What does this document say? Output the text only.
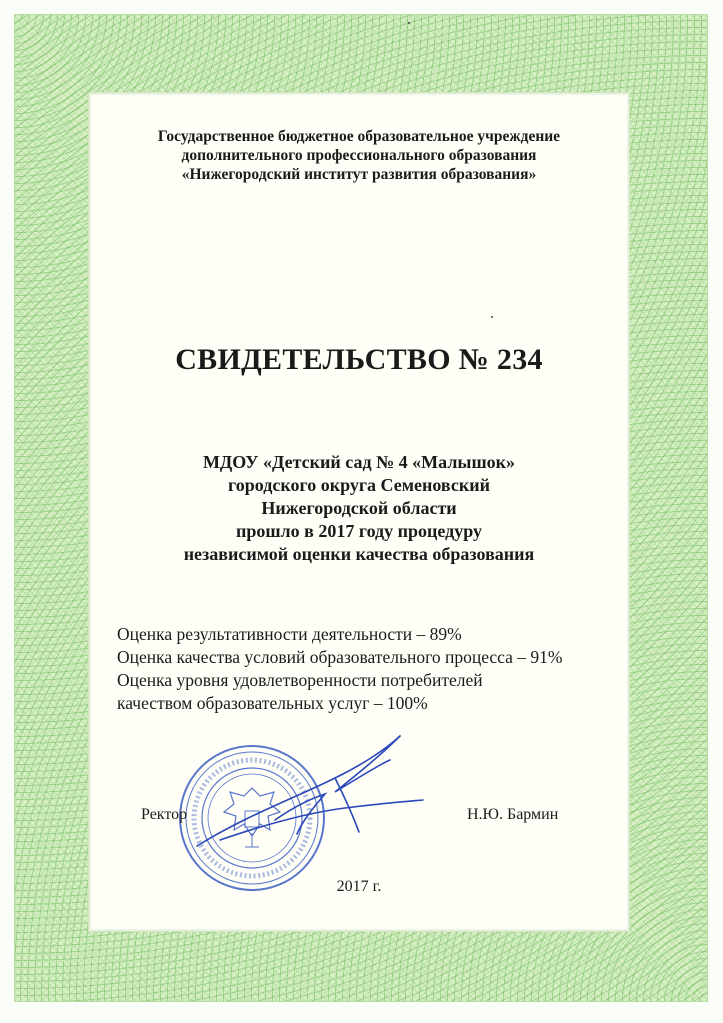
Государственное бюджетное образовательное учреждение
дополнительного профессионального образования
«Нижегородский институт развития образования»
СВИДЕТЕЛЬСТВО № 234
МДОУ «Детский сад № 4 «Малышок»
городского округа Семеновский
Нижегородской области
прошло в 2017 году процедуру
независимой оценки качества образования
Оценка результативности деятельности – 89%
Оценка качества условий образовательного процесса – 91%
Оценка уровня удовлетворенности потребителей
качеством образовательных услуг – 100%
Ректор	Н.Ю. Бармин
2017 г.
